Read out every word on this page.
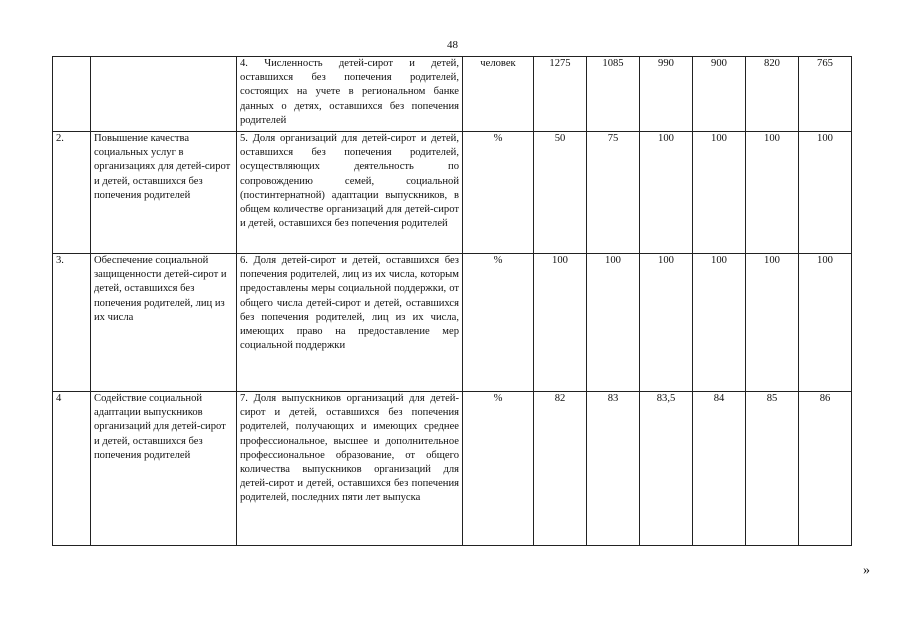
48
		4. Численность детей-сирот и детей, оставшихся без попечения родителей, состоящих на учете в региональном банке данных о детях, оставшихся без попечения родителей	человек	1275	1085	990	900	820	765
2.	Повышение качества социальных услуг в организациях для детей-сирот и детей, оставшихся без попечения родителей	5. Доля организаций для детей-сирот и детей, оставшихся без попечения родителей, осуществляющих деятельность по сопровождению семей, социальной (постинтернатной) адаптации выпускников, в общем количестве организаций для детей-сирот и детей, оставшихся без попечения родителей	%	50	75	100	100	100	100
3.	Обеспечение социальной защищенности детей-сирот и детей, оставшихся без попечения родителей, лиц из их числа	6. Доля детей-сирот и детей, оставшихся без попечения родителей, лиц из их числа, которым предоставлены меры социальной поддержки, от общего числа детей-сирот и детей, оставшихся без попечения родителей, лиц из их числа, имеющих право на предоставление мер социальной поддержки	%	100	100	100	100	100	100
4	Содействие социальной адаптации выпускников организаций для детей-сирот и детей, оставшихся без попечения родителей	7. Доля выпускников организаций для детей-сирот и детей, оставшихся без попечения родителей, получающих и имеющих среднее профессиональное, высшее и дополнительное профессиональное образование, от общего количества выпускников организаций для детей-сирот и детей, оставшихся без попечения родителей, последних пяти лет выпуска	%	82	83	83,5	84	85	86
»
